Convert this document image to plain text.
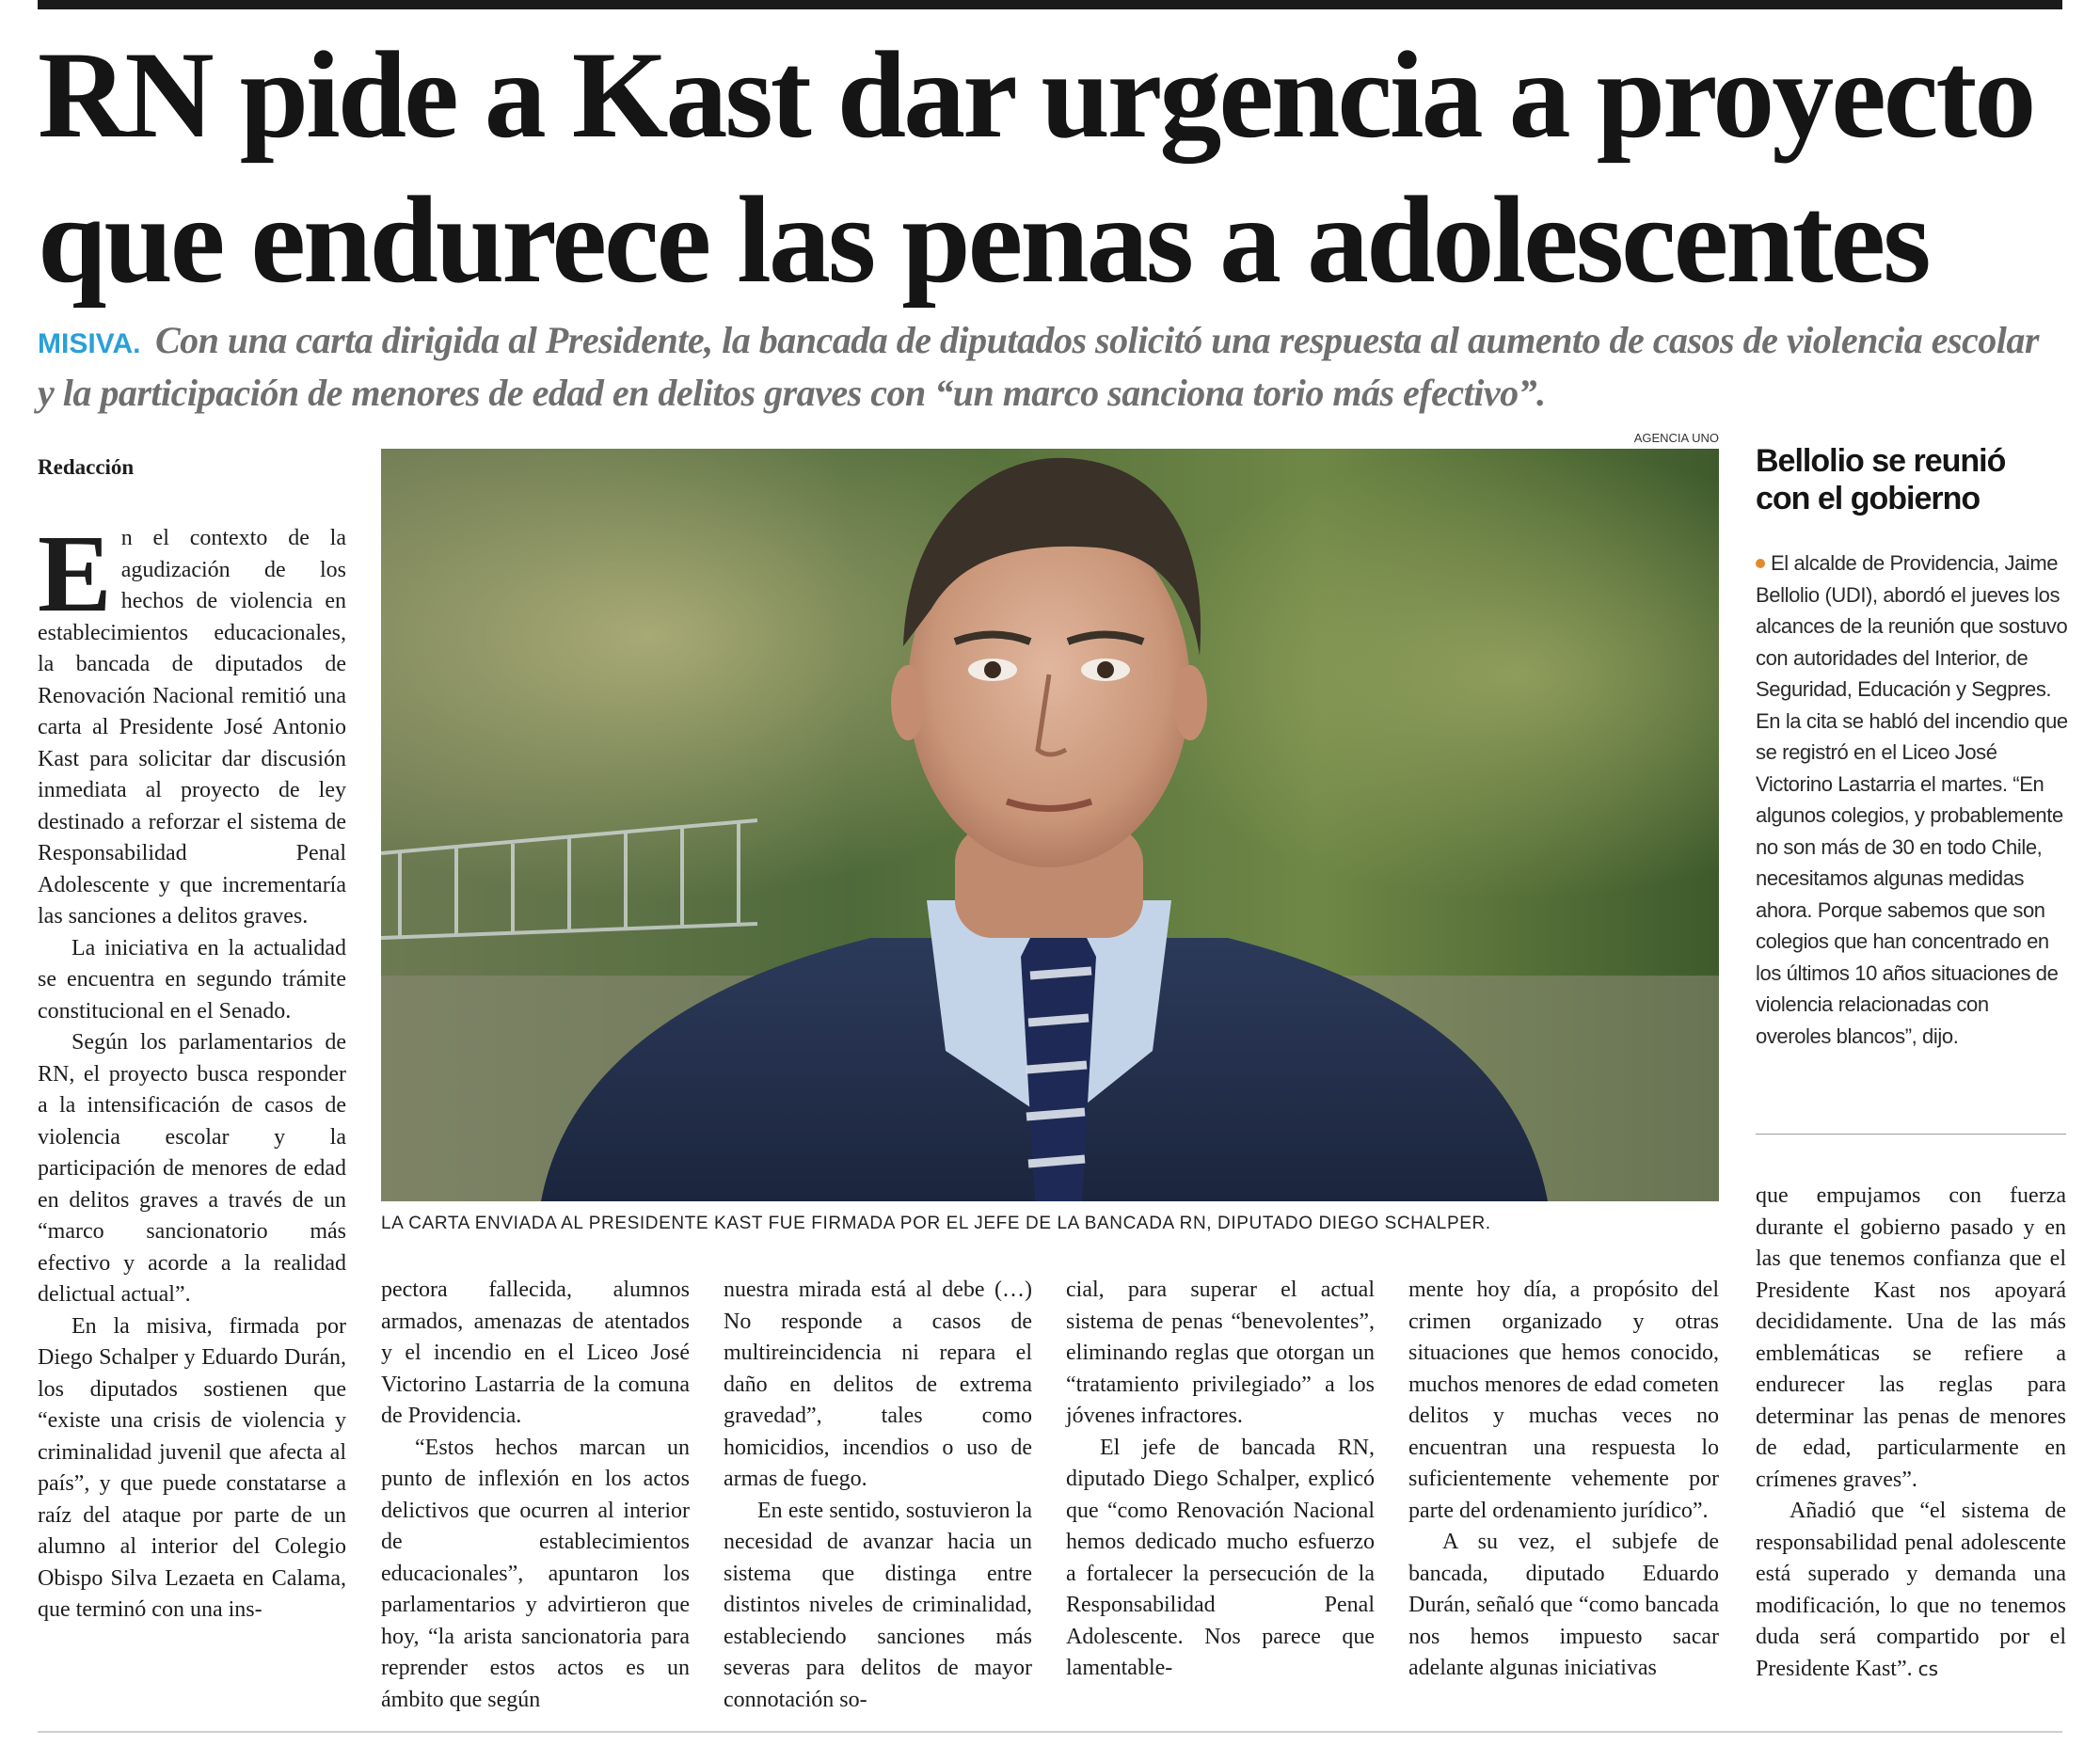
RN pide a Kast dar urgencia a proyecto
que endurece las penas a adolescentes

MISIVA. Con una carta dirigida al Presidente, la bancada de diputados solicitó una respuesta al aumento de casos de violencia escolar y la participación de menores de edad en delitos graves con “un marco sanciona torio más efectivo”.

Redacción

En el contexto de la agudización de los hechos de violencia en establecimientos educacionales, la bancada de diputados de Renovación Nacional remitió una carta al Presidente José Antonio Kast para solicitar dar discusión inmediata al proyecto de ley destinado a reforzar el sistema de Responsabilidad Penal Adolescente y que incrementaría las sanciones a delitos graves.

La iniciativa en la actualidad se encuentra en segundo trámite constitucional en el Senado.

Según los parlamentarios de RN, el proyecto busca responder a la intensificación de casos de violencia escolar y la participación de menores de edad en delitos graves a través de un “marco sancionatorio más efectivo y acorde a la realidad delictual actual”.

En la misiva, firmada por Diego Schalper y Eduardo Durán, los diputados sostienen que “existe una crisis de violencia y criminalidad juvenil que afecta al país”, y que puede constatarse a raíz del ataque por parte de un alumno al interior del Colegio Obispo Silva Lezaeta en Calama, que terminó con una ins-

AGENCIA UNO
LA CARTA ENVIADA AL PRESIDENTE KAST FUE FIRMADA POR EL JEFE DE LA BANCADA RN, DIPUTADO DIEGO SCHALPER.

pectora fallecida, alumnos armados, amenazas de atentados y el incendio en el Liceo José Victorino Lastarria de la comuna de Providencia.

“Estos hechos marcan un punto de inflexión en los actos delictivos que ocurren al interior de establecimientos educacionales”, apuntaron los parlamentarios y advirtieron que hoy, “la arista sancionatoria para reprender estos actos es un ámbito que según

nuestra mirada está al debe (…) No responde a casos de multireincidencia ni repara el daño en delitos de extrema gravedad”, tales como homicidios, incendios o uso de armas de fuego.

En este sentido, sostuvieron la necesidad de avanzar hacia un sistema que distinga entre distintos niveles de criminalidad, estableciendo sanciones más severas para delitos de mayor connotación so-

cial, para superar el actual sistema de penas “benevolentes”, eliminando reglas que otorgan un “tratamiento privilegiado” a los jóvenes infractores.

El jefe de bancada RN, diputado Diego Schalper, explicó que “como Renovación Nacional hemos dedicado mucho esfuerzo a fortalecer la persecución de la Responsabilidad Penal Adolescente. Nos parece que lamentable-

mente hoy día, a propósito del crimen organizado y otras situaciones que hemos conocido, muchos menores de edad cometen delitos y muchas veces no encuentran una respuesta lo suficientemente vehemente por parte del ordenamiento jurídico”.

A su vez, el subjefe de bancada, diputado Eduardo Durán, señaló que “como bancada nos hemos impuesto sacar adelante algunas iniciativas

Bellolio se reunió con el gobierno

El alcalde de Providencia, Jaime Bellolio (UDI), abordó el jueves los alcances de la reunión que sostuvo con autoridades del Interior, de Seguridad, Educación y Segpres. En la cita se habló del incendio que se registró en el Liceo José Victorino Lastarria el martes. “En algunos colegios, y probablemente no son más de 30 en todo Chile, necesitamos algunas medidas ahora. Porque sabemos que son colegios que han concentrado en los últimos 10 años situaciones de violencia relacionadas con overoles blancos”, dijo.

que empujamos con fuerza durante el gobierno pasado y en las que tenemos confianza que el Presidente Kast nos apoyará decididamente. Una de las más emblemáticas se refiere a endurecer las reglas para determinar las penas de menores de edad, particularmente en crímenes graves”.

Añadió que “el sistema de responsabilidad penal adolescente está superado y demanda una modificación, lo que no tenemos duda será compartido por el Presidente Kast”. cs
